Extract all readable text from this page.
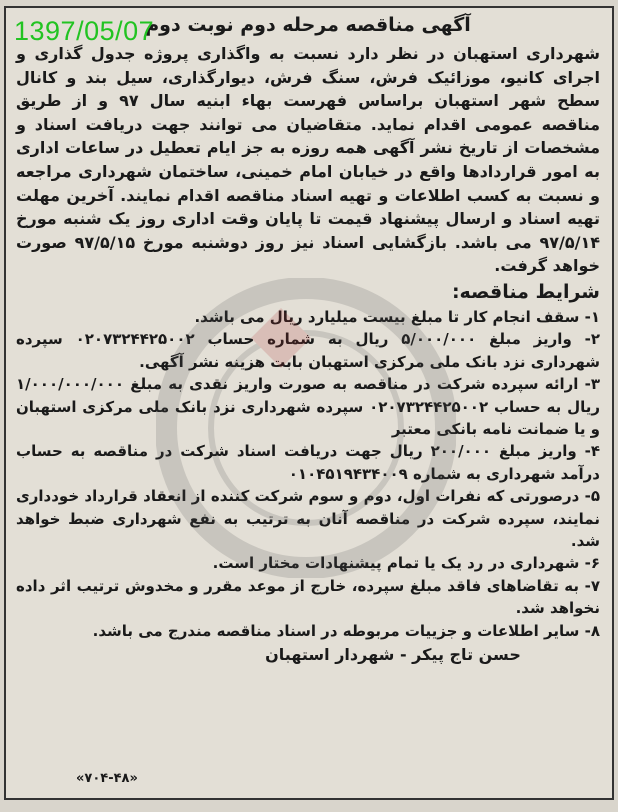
1397/05/07
آگهی مناقصه مرحله دوم نوبت دوم

شهرداری استهبان در نظر دارد نسبت به واگذاری پروژه جدول گذاری و اجرای کانیو، موزائیک فرش، سنگ فرش، دیوارگذاری، سیل بند و کانال سطح شهر استهبان براساس فهرست بهاء ابنیه سال ۹۷ و از طریق مناقصه عمومی اقدام نماید. متقاضیان می توانند جهت دریافت اسناد و مشخصات از تاریخ نشر آگهی همه روزه به جز ایام تعطیل در ساعات اداری به امور قراردادها واقع در خیابان امام خمینی، ساختمان شهرداری مراجعه و نسبت به کسب اطلاعات و تهیه اسناد مناقصه اقدام نمایند. آخرین مهلت تهیه اسناد و ارسال پیشنهاد قیمت تا پایان وقت اداری روز یک شنبه مورخ ۹۷/۵/۱۴ می باشد. بازگشایی اسناد نیز روز دوشنبه مورخ ۹۷/۵/۱۵ صورت خواهد گرفت.

شرایط مناقصه:
۱- سقف انجام کار تا مبلغ بیست میلیارد ریال می باشد.
۲- واریز مبلغ ۵/۰۰۰/۰۰۰ ریال به شماره حساب ۰۲۰۷۳۲۴۴۲۵۰۰۲ سپرده شهرداری نزد بانک ملی مرکزی استهبان بابت هزینه نشر آگهی.
۳- ارائه سپرده شرکت در مناقصه به صورت واریز نقدی به مبلغ ۱/۰۰۰/۰۰۰/۰۰۰ ریال به حساب ۰۲۰۷۳۲۴۴۲۵۰۰۲ سپرده شهرداری نزد بانک ملی مرکزی استهبان و یا ضمانت نامه بانکی معتبر
۴- واریز مبلغ ۲۰۰/۰۰۰ ریال جهت دریافت اسناد شرکت در مناقصه به حساب درآمد شهرداری به شماره ۰۱۰۴۵۱۹۴۳۴۰۰۹
۵- درصورتی که نفرات اول، دوم و سوم شرکت کننده از انعقاد قرارداد خودداری نمایند، سپرده شرکت در مناقصه آنان به ترتیب به نفع شهرداری ضبط خواهد شد.
۶- شهرداری در رد یک یا تمام پیشنهادات مختار است.
۷- به تقاضاهای فاقد مبلغ سپرده، خارج از موعد مقرر و مخدوش ترتیب اثر داده نخواهد شد.
۸- سایر اطلاعات و جزییات مربوطه در اسناد مناقصه مندرج می باشد.
حسن تاج پیکر - شهردار استهبان
«۷۰۴-۴۸»
